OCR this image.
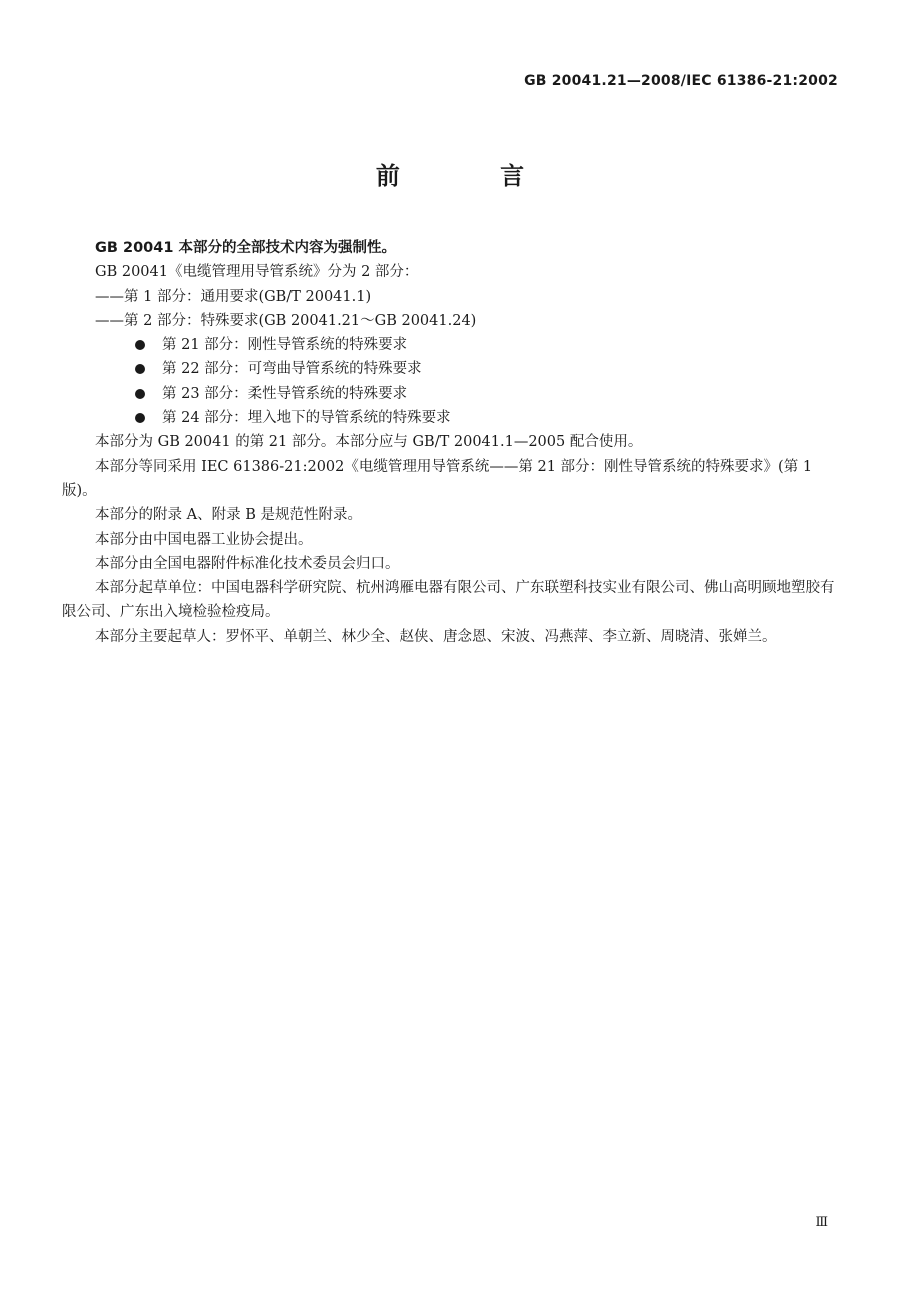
GB 20041.21—2008/IEC 61386-21:2002
前 言

GB 20041 本部分的全部技术内容为强制性。

GB 20041《电缆管理用导管系统》分为 2 部分：

——第 1 部分：通用要求(GB/T 20041.1)

——第 2 部分：特殊要求(GB 20041.21～GB 20041.24)

第 21 部分：刚性导管系统的特殊要求
第 22 部分：可弯曲导管系统的特殊要求
第 23 部分：柔性导管系统的特殊要求
第 24 部分：埋入地下的导管系统的特殊要求

本部分为 GB 20041 的第 21 部分。本部分应与 GB/T 20041.1—2005 配合使用。

本部分等同采用 IEC 61386-21:2002《电缆管理用导管系统——第 21 部分：刚性导管系统的特殊要求》(第 1 版)。

本部分的附录 A、附录 B 是规范性附录。

本部分由中国电器工业协会提出。

本部分由全国电器附件标准化技术委员会归口。

本部分起草单位：中国电器科学研究院、杭州鸿雁电器有限公司、广东联塑科技实业有限公司、佛山高明顾地塑胶有限公司、广东出入境检验检疫局。

本部分主要起草人：罗怀平、单朝兰、林少全、赵侠、唐念恩、宋波、冯燕萍、李立新、周晓清、张婵兰。

Ⅲ
